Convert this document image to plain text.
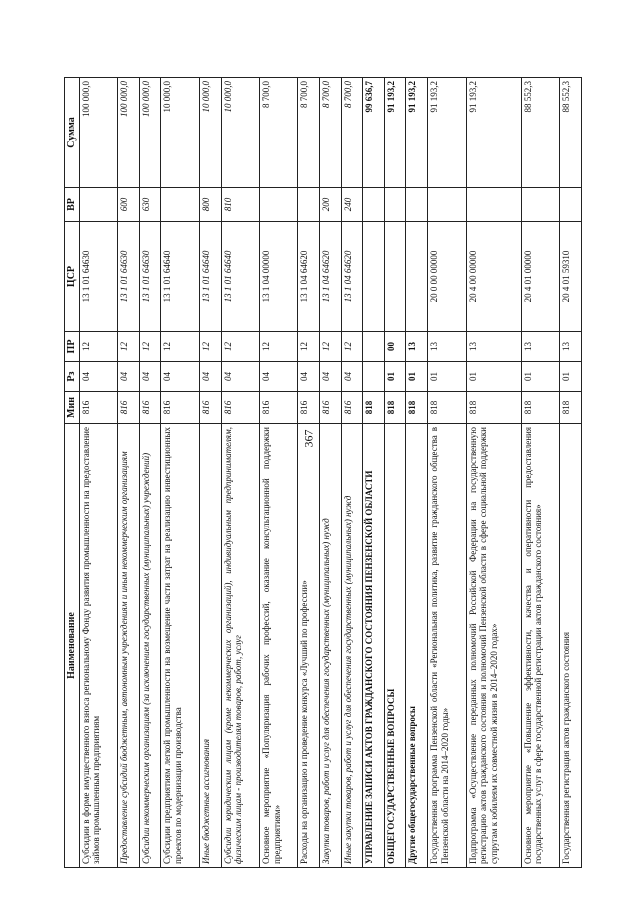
367
Наименование	Мин	Рз	ПР	ЦСР	ВР	Сумма
Субсидии в форме имущественного взноса региональному Фонду развития промышленности на предоставление займов промышленным предприятиям	816	04	12	13 1 01 64630		100 000,0
Предоставление субсидий бюджетным, автономным учреждениям и иным некоммерческим организациям	816	04	12	13 1 01 64630	600	100 000,0
Субсидии некоммерческим организациям (за исключением государственных (муниципальных) учреждений)	816	04	12	13 1 01 64630	630	100 000,0
Субсидии предприятиям легкой промышленности на возмещение части затрат на реализацию инвестиционных проектов по модернизации производства	816	04	12	13 1 01 64640		10 000,0
Иные бюджетные ассигнования	816	04	12	13 1 01 64640	800	10 000,0
Субсидии юридическим лицам (кроме некоммерческих организаций), индивидуальным предпринимателям, физическим лицам - производителям товаров, работ, услуг	816	04	12	13 1 01 64640	810	10 000,0
Основное мероприятие «Популяризация рабочих профессий, оказание консультационной поддержки предприятиям»	816	04	12	13 1 04 00000		8 700,0
Расходы на организацию и проведение конкурса «Лучший по профессии»	816	04	12	13 1 04 64620		8 700,0
Закупка товаров, работ и услуг для обеспечения государственных (муниципальных) нужд	816	04	12	13 1 04 64620	200	8 700,0
Иные закупки товаров, работ и услуг для обеспечения государственных (муниципальных) нужд	816	04	12	13 1 04 64620	240	8 700,0
УПРАВЛЕНИЕ ЗАПИСИ АКТОВ ГРАЖДАНСКОГО СОСТОЯНИЯ ПЕНЗЕНСКОЙ ОБЛАСТИ	818					99 636,7
ОБЩЕГОСУДАРСТВЕННЫЕ ВОПРОСЫ	818	01	00			91 193,2
Другие общегосударственные вопросы	818	01	13			91 193,2
Государственная программа Пензенской области «Региональная политика, развитие гражданского общества в Пензенской области на 2014–2020 годы»	818	01	13	20 0 00 00000		91 193,2
Подпрограмма «Осуществление переданных полномочий Российской Федерации на государственную регистрацию актов гражданского состояния и полномочий Пензенской области в сфере социальной поддержки супругам к юбилеям их совместной жизни в 2014–2020 годах»	818	01	13	20 4 00 00000		91 193,2
Основное мероприятие «Повышение эффективности, качества и оперативности предоставления государственных услуг в сфере государственной регистрации актов гражданского состояния»	818	01	13	20 4 01 00000		88 552,3
Государственная регистрация актов гражданского состояния	818	01	13	20 4 01 59310		88 552,3
